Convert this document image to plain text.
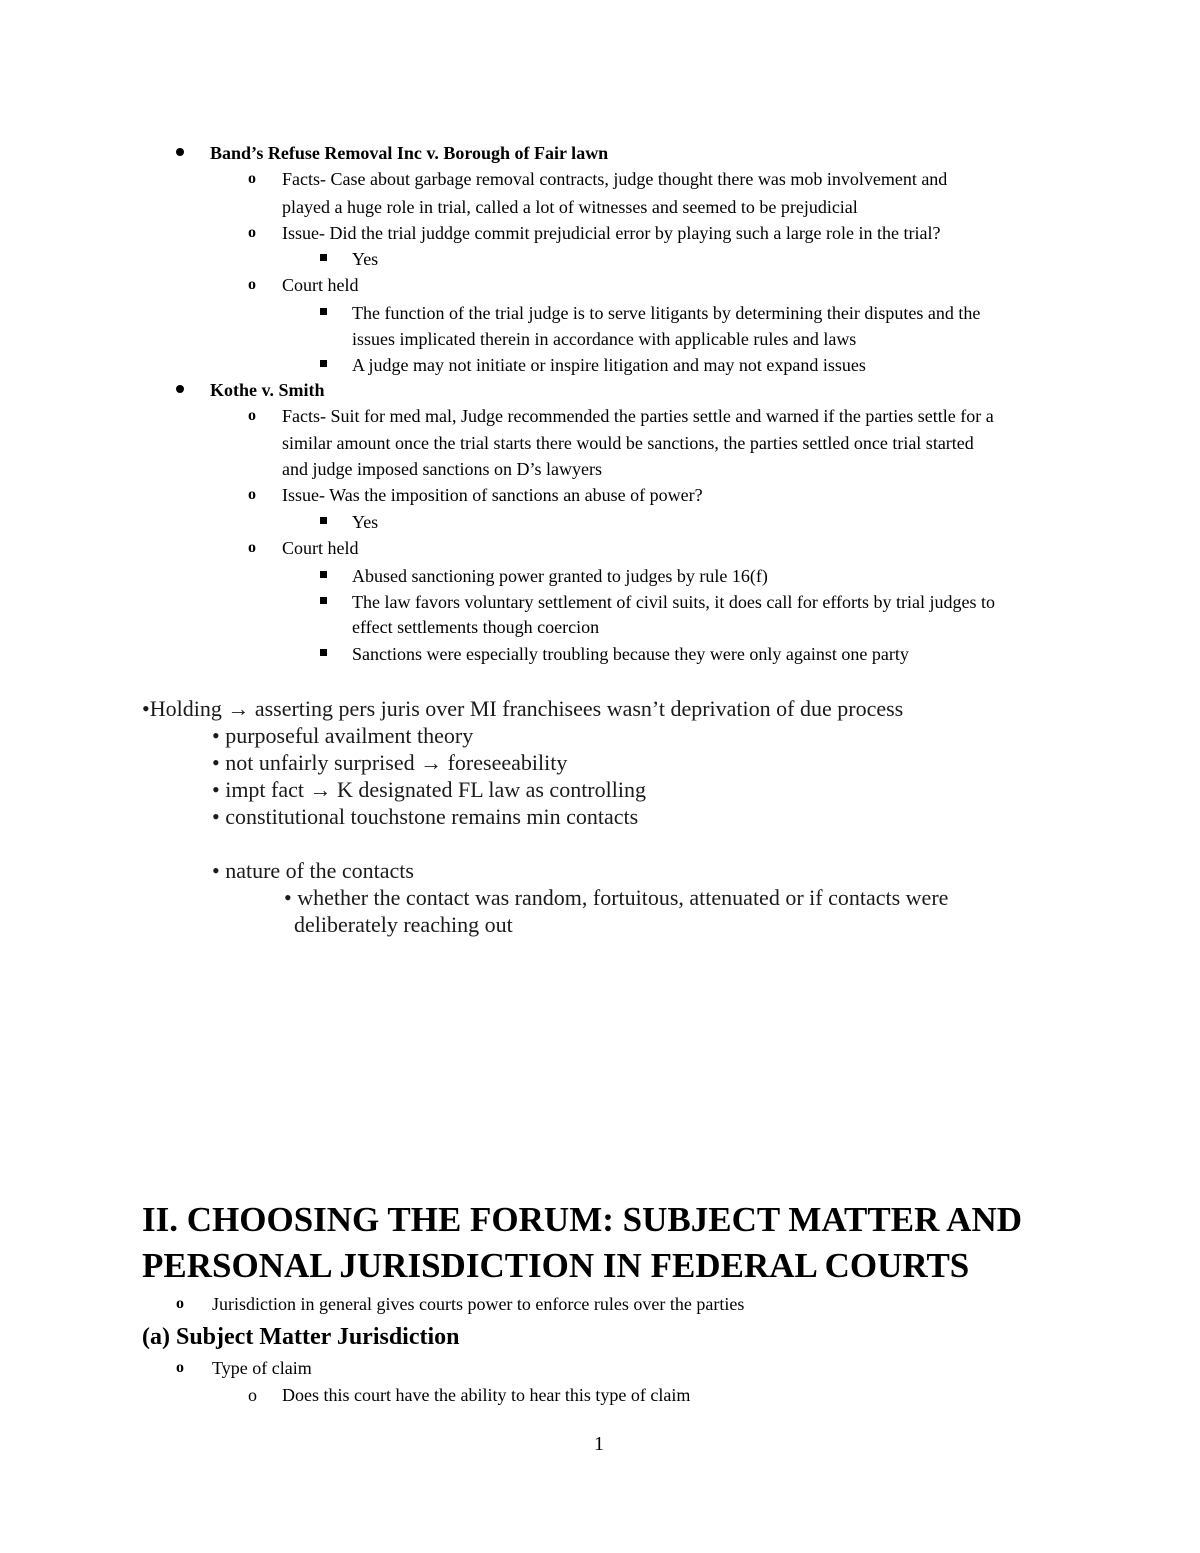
Band’s Refuse Removal Inc v. Borough of Fair lawn
o Facts- Case about garbage removal contracts, judge thought there was mob involvement and
played a huge role in trial, called a lot of witnesses and seemed to be prejudicial
o Issue- Did the trial juddge commit prejudicial error by playing such a large role in the trial?
Yes
o Court held
The function of the trial judge is to serve litigants by determining their disputes and the
issues implicated therein in accordance with applicable rules and laws
A judge may not initiate or inspire litigation and may not expand issues
Kothe v. Smith
o Facts- Suit for med mal, Judge recommended the parties settle and warned if the parties settle for a
similar amount once the trial starts there would be sanctions, the parties settled once trial started
and judge imposed sanctions on D’s lawyers
o Issue- Was the imposition of sanctions an abuse of power?
Yes
o Court held
Abused sanctioning power granted to judges by rule 16(f)
The law favors voluntary settlement of civil suits, it does call for efforts by trial judges to
effect settlements though coercion
Sanctions were especially troubling because they were only against one party
•Holding → asserting pers juris over MI franchisees wasn’t deprivation of due process
• purposeful availment theory
• not unfairly surprised → foreseeability
• impt fact → K designated FL law as controlling
• constitutional touchstone remains min contacts
• nature of the contacts
• whether the contact was random, fortuitous, attenuated or if contacts were
deliberately reaching out
II. CHOOSING THE FORUM: SUBJECT MATTER AND
PERSONAL JURISDICTION IN FEDERAL COURTS
o Jurisdiction in general gives courts power to enforce rules over the parties
(a) Subject Matter Jurisdiction
o Type of claim
o Does this court have the ability to hear this type of claim
1
